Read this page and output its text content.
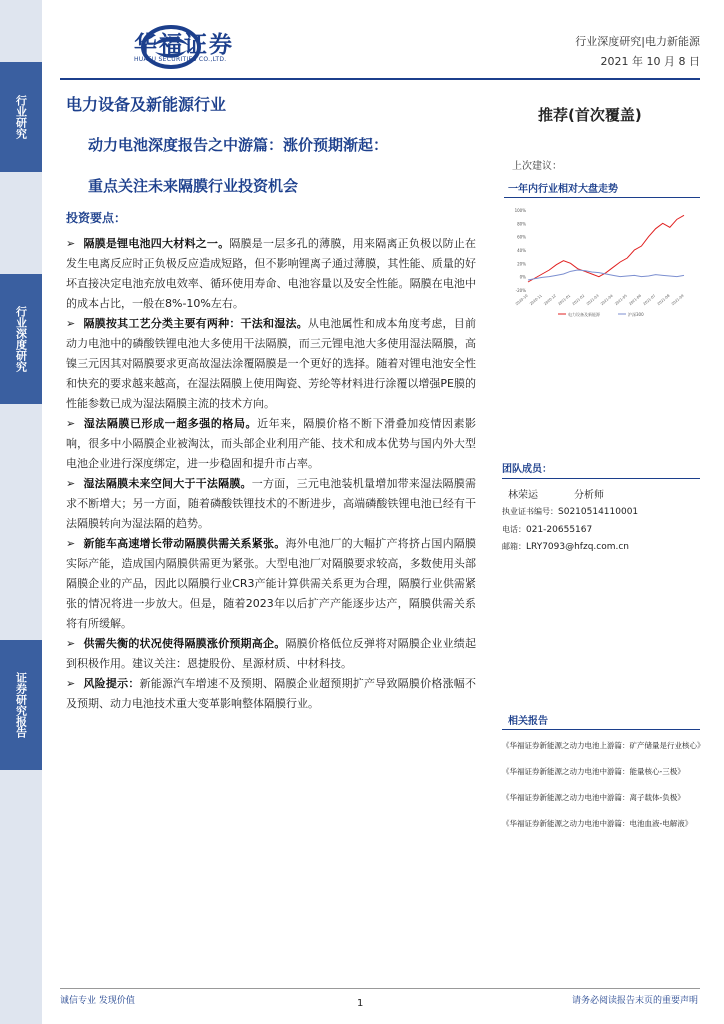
行业研究
行业深度研究
证券研究报告
华福证券
HUAFU SECURITIES CO.,LTD.
行业深度研究|电力新能源
2021 年 10 月 8 日
电力设备及新能源行业
推荐(首次覆盖)
动力电池深度报告之中游篇：涨价预期渐起：
重点关注未来隔膜行业投资机会
上次建议：
一年内行业相对大盘走势
-20%
0%
20%
40%
60%
80%
100%
2020-10 2020-11 2020-12 2021-01 2021-02 2021-03 2021-04 2021-05 2021-06 2021-07 2021-08 2021-09
电力设备及新能源	沪深300
投资要点：

➢ 隔膜是锂电池四大材料之一。隔膜是一层多孔的薄膜，用来隔离正负极以防止在发生电离反应时正负极反应造成短路，但不影响锂离子通过薄膜，其性能、质量的好坏直接决定电池充放电效率、循环使用寿命、电池容量以及安全性能。隔膜在电池中的成本占比，一般在8%-10%左右。

➢ 隔膜按其工艺分类主要有两种：干法和湿法。从电池属性和成本角度考虑，目前动力电池中的磷酸铁锂电池大多使用干法隔膜，而三元锂电池大多使用湿法隔膜，高镍三元因其对隔膜要求更高故湿法涂覆隔膜是一个更好的选择。随着对锂电池安全性和快充的要求越来越高，在湿法隔膜上使用陶瓷、芳纶等材料进行涂覆以增强PE膜的性能参数已成为湿法隔膜主流的技术方向。

➢ 湿法隔膜已形成一超多强的格局。近年来，隔膜价格不断下滑叠加疫情因素影响，很多中小隔膜企业被淘汰，而头部企业利用产能、技术和成本优势与国内外大型电池企业进行深度绑定，进一步稳固和提升市占率。

➢ 湿法隔膜未来空间大于干法隔膜。一方面，三元电池装机量增加带来湿法隔膜需求不断增大；另一方面，随着磷酸铁锂技术的不断进步，高端磷酸铁锂电池已经有干法隔膜转向为湿法隔的趋势。

➢ 新能车高速增长带动隔膜供需关系紧张。海外电池厂的大幅扩产将挤占国内隔膜实际产能，造成国内隔膜供需更为紧张。大型电池厂对隔膜要求较高，多数使用头部隔膜企业的产品，因此以隔膜行业CR3产能计算供需关系更为合理，隔膜行业供需紧张的情况将进一步放大。但是，随着2023年以后扩产产能逐步达产，隔膜供需关系将有所缓解。

➢ 供需失衡的状况使得隔膜涨价预期高企。隔膜价格低位反弹将对隔膜企业业绩起到积极作用。建议关注：恩捷股份、星源材质、中材科技。

➢ 风险提示：新能源汽车增速不及预期、隔膜企业超预期扩产导致隔膜价格涨幅不及预期、动力电池技术重大变革影响整体隔膜行业。

团队成员：
林荣运	分析师
执业证书编号：S0210514110001
电话：021-20655167
邮箱：LRY7093@hfzq.com.cn
相关报告
《华福证券新能源之动力电池上游篇：矿产储量是行业核心》
《华福证券新能源之动力电池中游篇：能量核心-三极》
《华福证券新能源之动力电池中游篇：离子载体-负极》
《华福证券新能源之动力电池中游篇：电池血液-电解液》
诚信专业 发现价值	1	请务必阅读报告末页的重要声明
